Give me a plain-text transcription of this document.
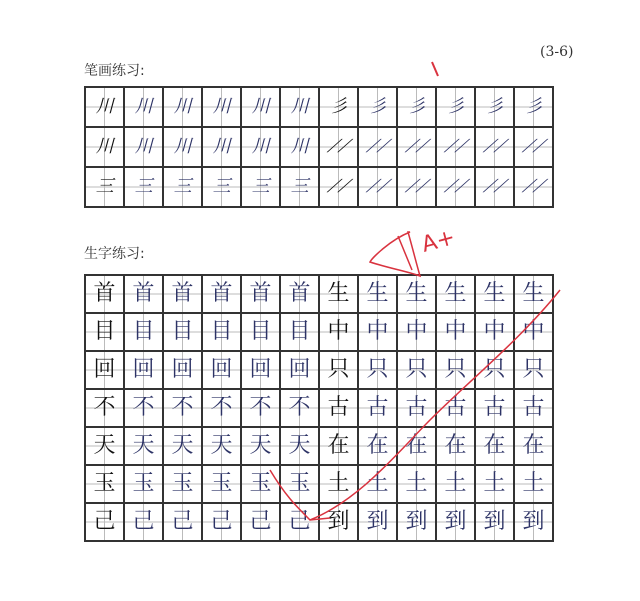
(3-6)
笔画练习:
川 川 川 川 川 川 彡 彡 彡 彡 彡 彡
川 川 川 川 川 川 ⟋⟋ ⟋⟋ ⟋⟋ ⟋⟋ ⟋⟋ ⟋⟋
三 三 三 三 三 三 ⟋⟋ ⟋⟋ ⟋⟋ ⟋⟋ ⟋⟋ ⟋⟋
生字练习:
首 首 首 首 首 首 生 生 生 生 生 生
目 目 目 目 目 目 中 中 中 中 中 中
回 回 回 回 回 回 只 只 只 只 只 只
不 不 不 不 不 不 古 古 古 古 古 古
天 天 天 天 天 天 在 在 在 在 在 在
玉 玉 玉 玉 玉 玉 土 土 土 土 土 土
己 己 己 己 己 己 到 到 到 到 到 到
A+
